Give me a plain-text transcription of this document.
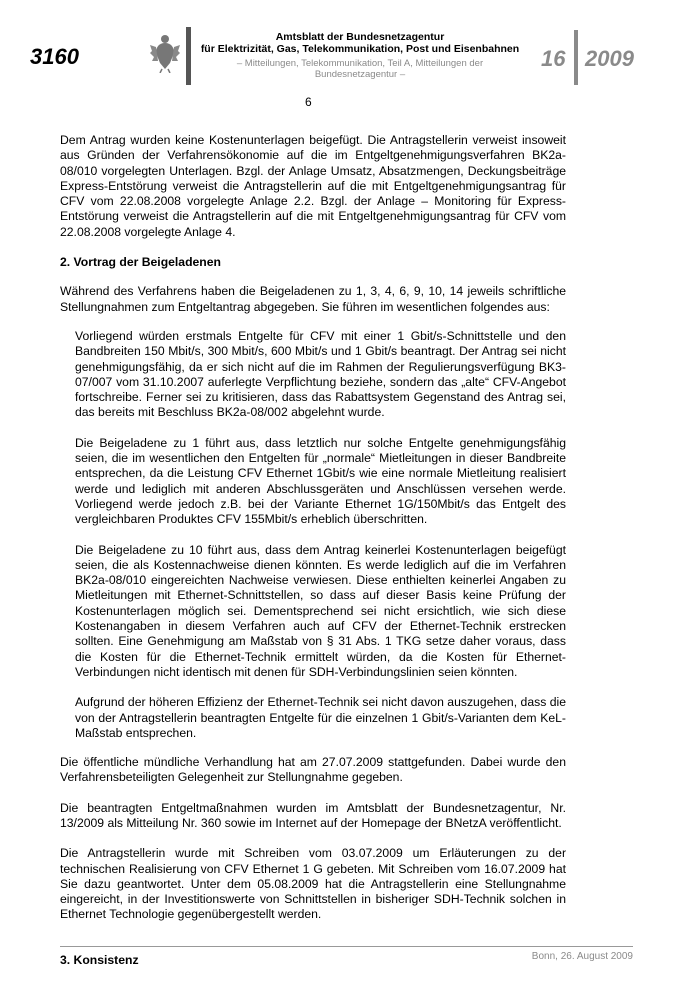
3160
Amtsblatt der Bundesnetzagentur
für Elektrizität, Gas, Telekommunikation, Post und Eisenbahnen
– Mitteilungen, Telekommunikation, Teil A, Mitteilungen der Bundesnetzagentur –
16 2009
6

Dem Antrag wurden keine Kostenunterlagen beigefügt. Die Antragstellerin verweist insoweit aus Gründen der Verfahrensökonomie auf die im Entgeltgenehmigungsverfahren BK2a-08/010 vorgelegten Unterlagen. Bzgl. der Anlage Umsatz, Absatzmengen, Deckungsbeiträge Express-Entstörung verweist die Antragstellerin auf die mit Entgeltgenehmigungsantrag für CFV vom 22.08.2008 vorgelegte Anlage 2.2. Bzgl. der Anlage – Monitoring für Express-Entstörung verweist die Antragstellerin auf die mit Entgeltgenehmigungsantrag für CFV vom 22.08.2008 vorgelegte Anlage 4.

2. Vortrag der Beigeladenen

Während des Verfahrens haben die Beigeladenen zu 1, 3, 4, 6, 9, 10, 14 jeweils schriftliche Stellungnahmen zum Entgeltantrag abgegeben. Sie führen im wesentlichen folgendes aus:

Vorliegend würden erstmals Entgelte für CFV mit einer 1 Gbit/s-Schnittstelle und den Bandbreiten 150 Mbit/s, 300 Mbit/s, 600 Mbit/s und 1 Gbit/s beantragt. Der Antrag sei nicht genehmigungsfähig, da er sich nicht auf die im Rahmen der Regulierungsverfügung BK3-07/007 vom 31.10.2007 auferlegte Verpflichtung beziehe, sondern das „alte“ CFV-Angebot fortschreibe. Ferner sei zu kritisieren, dass das Rabattsystem Gegenstand des Antrag sei, das bereits mit Beschluss BK2a-08/002 abgelehnt wurde.

Die Beigeladene zu 1 führt aus, dass letztlich nur solche Entgelte genehmigungsfähig seien, die im wesentlichen den Entgelten für „normale“ Mietleitungen in dieser Bandbreite entsprechen, da die Leistung CFV Ethernet 1Gbit/s wie eine normale Mietleitung realisiert werde und lediglich mit anderen Abschlussgeräten und Anschlüssen versehen werde. Vorliegend werde jedoch z.B. bei der Variante Ethernet 1G/150Mbit/s das Entgelt des vergleichbaren Produktes CFV 155Mbit/s erheblich überschritten.

Die Beigeladene zu 10 führt aus, dass dem Antrag keinerlei Kostenunterlagen beigefügt seien, die als Kostennachweise dienen könnten. Es werde lediglich auf die im Verfahren BK2a-08/010 eingereichten Nachweise verwiesen. Diese enthielten keinerlei Angaben zu Mietleitungen mit Ethernet-Schnittstellen, so dass auf dieser Basis keine Prüfung der Kostenunterlagen möglich sei. Dementsprechend sei nicht ersichtlich, wie sich diese Kostenangaben in diesem Verfahren auch auf CFV der Ethernet-Technik erstrecken sollten. Eine Genehmigung am Maßstab von § 31 Abs. 1 TKG setze daher voraus, dass die Kosten für die Ethernet-Technik ermittelt würden, da die Kosten für Ethernet-Verbindungen nicht identisch mit denen für SDH-Verbindungslinien seien könnten.

Aufgrund der höheren Effizienz der Ethernet-Technik sei nicht davon auszugehen, dass die von der Antragstellerin beantragten Entgelte für die einzelnen 1 Gbit/s-Varianten dem KeL-Maßstab entsprechen.

Die öffentliche mündliche Verhandlung hat am 27.07.2009 stattgefunden. Dabei wurde den Verfahrensbeteiligten Gelegenheit zur Stellungnahme gegeben.

Die beantragten Entgeltmaßnahmen wurden im Amtsblatt der Bundesnetzagentur, Nr. 13/2009 als Mitteilung Nr. 360 sowie im Internet auf der Homepage der BNetzA veröffentlicht.

Die Antragstellerin wurde mit Schreiben vom 03.07.2009 um Erläuterungen zu der technischen Realisierung von CFV Ethernet 1 G gebeten. Mit Schreiben vom 16.07.2009 hat Sie dazu geantwortet. Unter dem 05.08.2009 hat die Antragstellerin eine Stellungnahme eingereicht, in der Investitionswerte von Schnittstellen in bisheriger SDH-Technik solchen in Ethernet Technologie gegenübergestellt werden.

3. Konsistenz	Bonn, 26. August 2009
